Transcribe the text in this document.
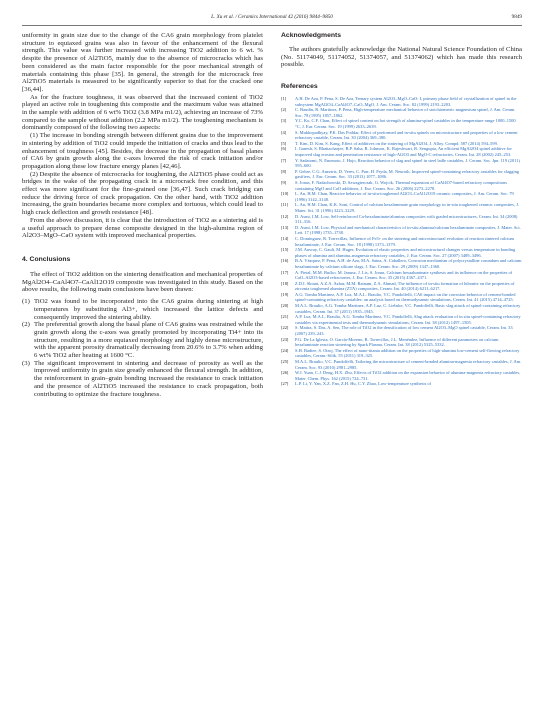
L. Xu et al. / Ceramics International 42 (2016) 9844–9850	9849

uniformity in grain size due to the change of the CA6 grain morphology from platelet structure to equiaxed grains was also in favour of the enhancement of the flexural strength. This value was further increased with increasing TiO2 addition to 6 wt. % despite the presence of Al2TiO5, mainly due to the absence of microcracks which has been considered as the main factor responsible for the poor mechanical strength of materials containing this phase [35]. In general, the strength for the microcrack free Al2TiO5 materials is measured to be significantly superior to that for the cracked one [36,44].

As for the fracture toughness, it was observed that the increased content of TiO2 played an active role in toughening this composite and the maximum value was attained in the sample with addition of 6 wt% TiO2 (3.8 MPa m1/2), achieving an increase of 73% compared to the sample without addition (2.2 MPa m1/2). The toughening mechanism is dominantly composed of the following two aspects:

(1) The increase in bonding strength between different grains due to the improvement in sintering by addition of TiO2 could impede the initiation of cracks and thus lead to the enhancement of toughness [45]. Besides, the decrease in the propagation of basal planes of CA6 by grain growth along the c-axes lowered the risk of crack initiation and/or propagation along these low fracture energy planes [42,46].

(2) Despite the absence of microcracks for toughening, the Al2TiO5 phase could act as bridges in the wake of the propagating crack in a microcrack free condition, and this effect was more significant for the fine-grained one [36,47]. Such crack bridging can reduce the driving force of crack propagation. On the other hand, with TiO2 addition increasing, the grain boundaries became more complex and tortuous, which could lead to high crack deflection and growth resistance [48].

From the above discussion, it is clear that the introduction of TiO2 as a sintering aid is a useful approach to prepare dense composite designed in the high-alumina region of Al2O3–MgO–CaO system with improved mechanical properties.

4. Conclusions

The effect of TiO2 addition on the sintering densification and mechanical properties of MgAl2O4–CaAl4O7–CaAl12O19 composite was investigated in this study. Based on the above results, the following main conclusions have been drawn:

(1) TiO2 was found to be incorporated into the CA6 grains during sintering at high temperatures by substituting Al3+, which increased the lattice defects and consequently improved the sintering ability.
(2) The preferential growth along the basal plane of CA6 grains was restrained while the grain growth along the c-axes was greatly promoted by incorporating Ti4+ into its structure, resulting in a more equiaxed morphology and highly dense microstructure, with the apparent porosity dramatically decreasing from 20.6% to 3.7% when adding 6 wt% TiO2 after heating at 1600 °C.
(3) The significant improvement in sintering and decrease of porosity as well as the improved uniformity in grain size greatly enhanced the flexural strength. In addition, the reinforcement in grain–grain bonding increased the resistance to crack initiation and the presence of Al2TiO5 increased the resistance to crack propagation, both contributing to optimize the fracture toughness.

Acknowledgments

The authors gratefully acknowledge the National Natural Science Foundation of China (No. 51174049, 51174052, 51374057, and 51374062) which has made this research possible.

References

[1]	A.H. De Aza, P. Pena, S. De Aza, Ternary system Al2O3–MgO–CaO: I, primary phase field of crystallization of spinel in the subsystem MgAl2O4–CaAl4O7–CaO–MgO, J. Am. Ceram. Soc. 82 (1999) 2193–2203.
[2]	C. Baudín, R. Martínez, P. Pena, High-temperature mechanical behavior of stoichiometric magnesium spinel, J. Am. Ceram. Soc. 78 (1995) 1857–1862.
[3]	Y.C. Ko, C.F. Chan, Effect of spinel content on hot strength of alumina-spinel castables in the temperature range 1000–1500 °C, J. Eur. Ceram. Soc. 19 (1999) 2633–2639.
[4]	S. Mukhopadhyay, P.K. Das Poddar, Effect of preformed and in-situ spinels on microstructure and properties of a low cement refractory castable, Ceram. Int. 30 (2004) 369–380.
[5]	T. Kim, D. Kim, S. Kang, Effect of additives on the sintering of MgAl2O4, J. Alloy. Compd. 587 (2014) 594–599.
[6]	I. Ganesh, S. Bhattacharjee, B.P. Saha, R. Johnson, K. Rajeshwari, R. Sengupta, An efficient MgAl2O4 spinel additive for improved slag erosion and penetration resistance of high-Al2O3 and MgO-C refractories, Ceram. Int. 28 (2002) 245–253.
[7]	Y. Sadatomi, N. Enomoto, J. Hojo, Reaction behavior of slag and spinel in steel ladle castables, J. Ceram. Soc. Jpn. 119 (2011) 595–600.
[8]	P. Gehre, C.G. Aneziris, D. Veres, C. Parr, H. Fryda, M. Neuroth, Improved spinel-containing refractory castables for slagging gasifiers, J. Eur. Ceram. Soc. 33 (2013) 1077–1086.
[9]	S. Jonas, F. Nadachowski, D. Szwagierczak, G. Wojcik, Thermal expansion of CaAl4O7-based refractory compositions containing MgO and CaO additions, J. Eur. Ceram. Soc. 26 (2006) 2273–2278.
[10]	L. An, H.M. Chan, Reactive behavior of in-situ-toughened Al2O3–CaAl12O19 ceramic composites, J. Am. Ceram. Soc. 79 (1996) 3142–3148.
[11]	L. An, H.M. Chan, K.K. Soni, Control of calcium hexaluminate grain morphology in in-situ toughened ceramic composites, J. Mater. Sci. 31 (1996) 3223–3229.
[12]	D. Asmi, I.M. Low, Self-reinforced Ca-hexaluminate/alumina composites with graded microstructures, Ceram. Int. 34 (2008) 311–316.
[13]	D. Asmi, I.M. Low, Physical and mechanical characteristics of in-situ alumina/calcium hexaluminate composites, J. Mater. Sci. Lett. 17 (1998) 1735–1738.
[14]	C. Domínguez, R. Torrecillas, Influence of Fe3+ on the sintering and microstructural evolution of reaction sintered calcium hexaluminate, J. Eur. Ceram. Soc. 18 (1998) 1373–1379.
[15]	J.M. Auvray, C. Gault, M. Huger, Evolution of elastic properties and microstructural changes versus temperature in bonding phases of alumina and alumina–magnesia refractory castables, J. Eur. Ceram. Soc. 27 (2007) 3489–3496.
[16]	B.A. Vázquez, P. Pena, A.H. de Aza, M.A. Sainz, A. Caballero, Corrosion mechanism of polycrystalline corundum and calcium hexaluminate by calcium silicate slags, J. Eur. Ceram. Soc. 29 (2009) 1347–1360.
[17]	A. Pietal, M.M. Bućko, M. Janusz, J. Lis, S. Jonas, Calcium hexaaluminate synthesis and its influence on the properties of CaO–Al2O3-based refractories, J. Eur. Ceram. Soc. 35 (2015) 4367–4371.
[18]	Z.D.I. Sktani, A.Z.A. Azhar, M.M. Ratnam, Z.A. Ahmad, The influence of in-situ formation of hibonite on the properties of zirconia toughened alumina (ZTA) composites, Ceram. Int. 40 (2014) 6211–6217.
[19]	A.G. Tomba Martinez, A.P. Luz, M.A.L. Braulio, V.C. Pandolfelli, CA6 impact on the corrosion behavior of cement-bonded spinel-containing refractory castables: an analysis based on thermodynamic simulations, Ceram. Int. 41 (2015) 4714–4725.
[20]	M.A.L. Braulio, A.G. Tomba Martinez, A.P. Luz, C. Liebske, V.C. Pandolfelli, Basic slag attack of spinel-containing refractory castables, Ceram. Int. 37 (2011) 1935–1945.
[21]	A.P. Luz, M.A.L. Braulio, A.G. Tomba Martinez, V.C. Pandolfelli, Slag attack evaluation of in situ spinel-containing refractory castables via experimental tests and thermodynamic simulations, Ceram. Int. 38 (2012) 1497–1505.
[22]	S. Mattra, S. Das, A. Sen, The role of TiO2 in the densification of low cement Al2O3–MgO spinel castable, Ceram. Int. 33 (2007) 239–243.
[23]	P.G. De La Iglesia, O. García-Moreno, R. Torrecillas, J.L. Menéndez, Influence of different parameters on calcium hexaluminate reaction sintering by Spark Plasma, Ceram. Int. 38 (2012) 5325–5332.
[24]	S.H. Badiee, S. Otroj, The effect of nano-titania addition on the properties of high-alumina low-cement self-flowing refractory castables, Ceram.-Silik. 55 (2011) 319–325.
[25]	M.A.L. Braulio, V.C. Pandolfelli, Tailoring the microstructure of cement-bonded alumina-magnesia refractory castables, J. Am. Ceram. Soc. 93 (2010) 2981–2985.
[26]	W.J. Yuan, C.J. Deng, H.X. Zhu, Effects of TiO2 addition on the expansion behavior of alumina-magnesia refractory castables, Mater. Chem. Phys. 162 (2015) 724–731.
[27]	L.P. Li, Y. Yan, X.Z. Fan, Z.H. Hu, C.Y. Zhao, Low-temperature synthesis of
